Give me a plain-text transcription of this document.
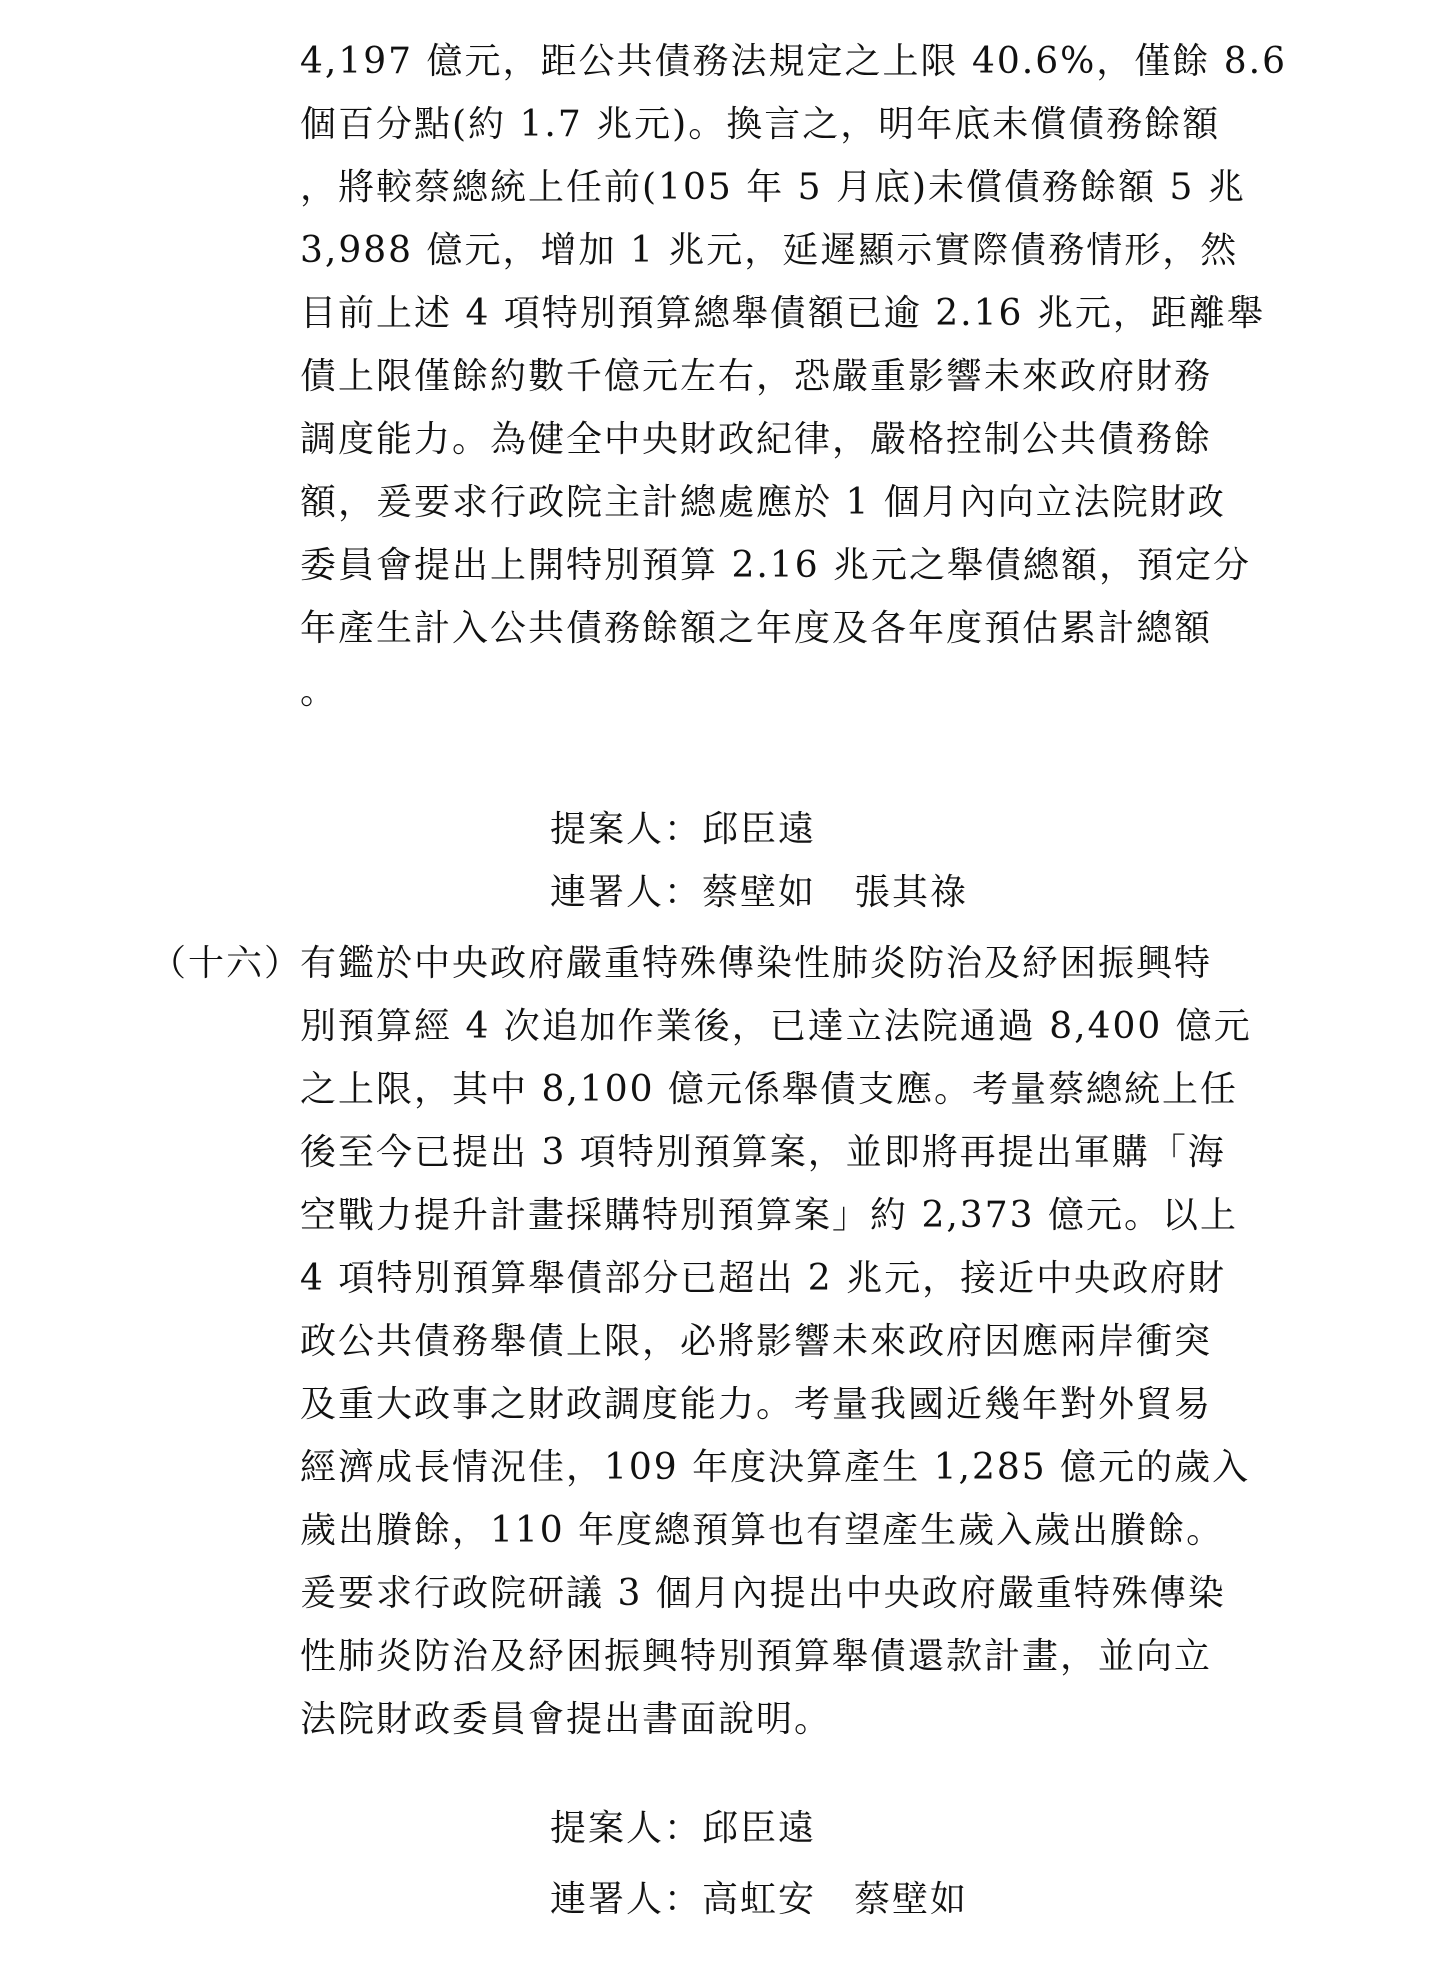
4,197 億元，距公共債務法規定之上限 40.6%，僅餘 8.6
個百分點(約 1.7 兆元)。換言之，明年底未償債務餘額
，將較蔡總統上任前(105 年 5 月底)未償債務餘額 5 兆
3,988 億元，增加 1 兆元，延遲顯示實際債務情形，然
目前上述 4 項特別預算總舉債額已逾 2.16 兆元，距離舉
債上限僅餘約數千億元左右，恐嚴重影響未來政府財務
調度能力。為健全中央財政紀律，嚴格控制公共債務餘
額，爰要求行政院主計總處應於 1 個月內向立法院財政
委員會提出上開特別預算 2.16 兆元之舉債總額，預定分
年產生計入公共債務餘額之年度及各年度預估累計總額
。
提案人：邱臣遠
連署人：蔡壁如　張其祿
（十六）
有鑑於中央政府嚴重特殊傳染性肺炎防治及紓困振興特
別預算經 4 次追加作業後，已達立法院通過 8,400 億元
之上限，其中 8,100 億元係舉債支應。考量蔡總統上任
後至今已提出 3 項特別預算案，並即將再提出軍購「海
空戰力提升計畫採購特別預算案」約 2,373 億元。以上
4 項特別預算舉債部分已超出 2 兆元，接近中央政府財
政公共債務舉債上限，必將影響未來政府因應兩岸衝突
及重大政事之財政調度能力。考量我國近幾年對外貿易
經濟成長情況佳，109 年度決算產生 1,285 億元的歲入
歲出賸餘，110 年度總預算也有望產生歲入歲出賸餘。
爰要求行政院研議 3 個月內提出中央政府嚴重特殊傳染
性肺炎防治及紓困振興特別預算舉債還款計畫，並向立
法院財政委員會提出書面說明。
提案人：邱臣遠
連署人：高虹安　蔡壁如
